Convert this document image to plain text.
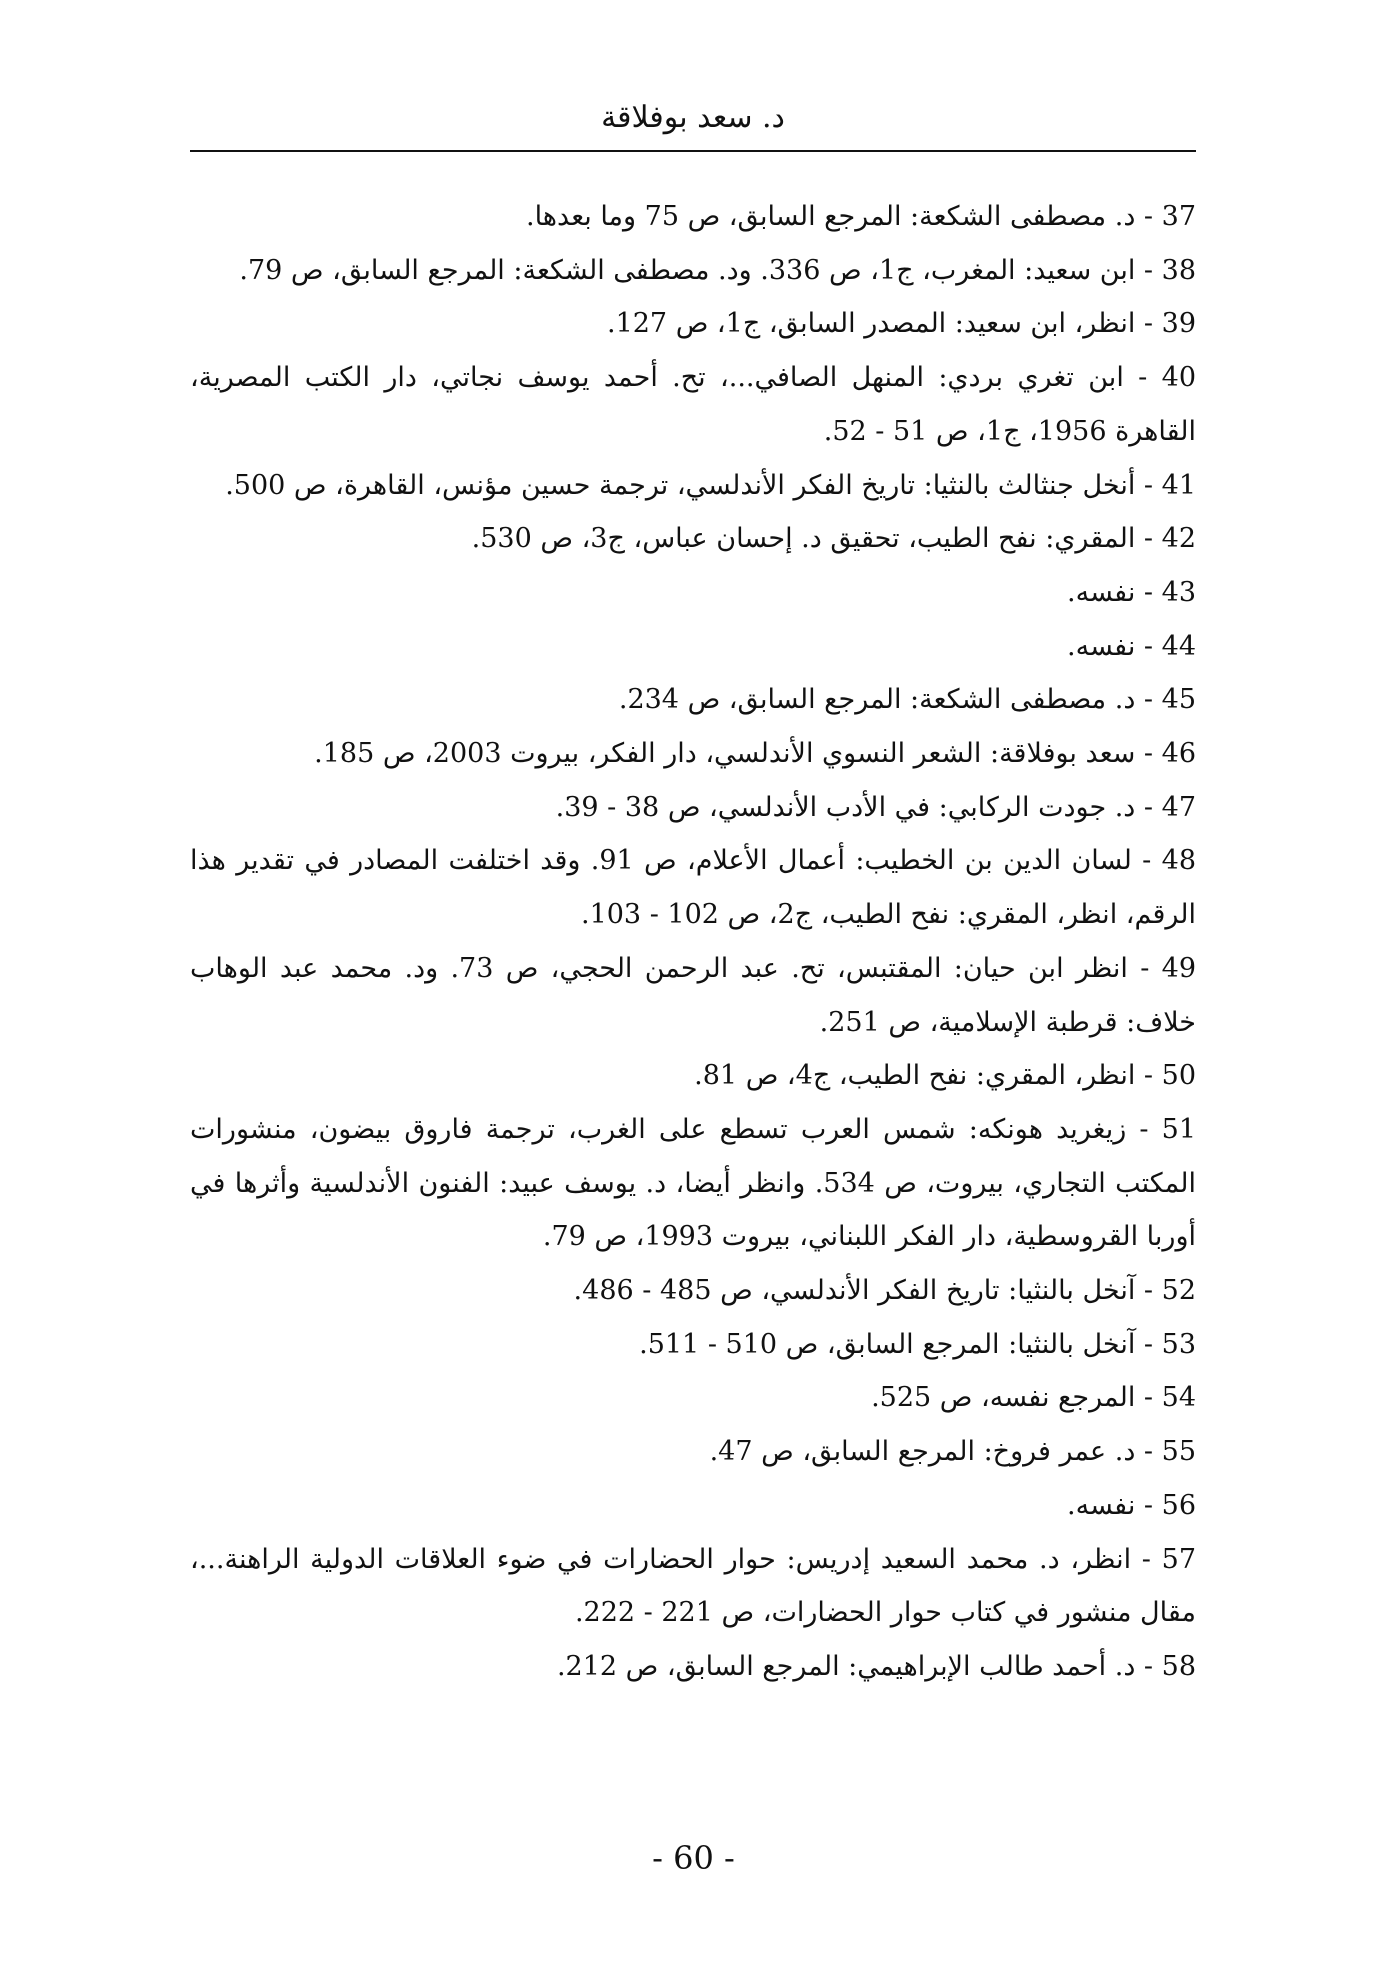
د. سعد بوفلاقة

37 - د. مصطفى الشكعة: المرجع السابق، ص 75 وما بعدها.

38 - ابن سعيد: المغرب، ج1، ص 336. ود. مصطفى الشكعة: المرجع السابق، ص 79.

39 - انظر، ابن سعيد: المصدر السابق، ج1، ص 127.

40 - ابن تغري بردي: المنهل الصافي...، تح. أحمد يوسف نجاتي، دار الكتب المصرية، القاهرة 1956، ج1، ص 51 - 52.

41 - أنخل جنثالث بالنثيا: تاريخ الفكر الأندلسي، ترجمة حسين مؤنس، القاهرة، ص 500.

42 - المقري: نفح الطيب، تحقيق د. إحسان عباس، ج3، ص 530.

43 - نفسه.

44 - نفسه.

45 - د. مصطفى الشكعة: المرجع السابق، ص 234.

46 - سعد بوفلاقة: الشعر النسوي الأندلسي، دار الفكر، بيروت 2003، ص 185.

47 - د. جودت الركابي: في الأدب الأندلسي، ص 38 - 39.

48 - لسان الدين بن الخطيب: أعمال الأعلام، ص 91. وقد اختلفت المصادر في تقدير هذا الرقم، انظر، المقري: نفح الطيب، ج2، ص 102 - 103.

49 - انظر ابن حيان: المقتبس، تح. عبد الرحمن الحجي، ص 73. ود. محمد عبد الوهاب خلاف: قرطبة الإسلامية، ص 251.

50 - انظر، المقري: نفح الطيب، ج4، ص 81.

51 - زيغريد هونكه: شمس العرب تسطع على الغرب، ترجمة فاروق بيضون، منشورات المكتب التجاري، بيروت، ص 534. وانظر أيضا، د. يوسف عبيد: الفنون الأندلسية وأثرها في أوربا القروسطية، دار الفكر اللبناني، بيروت 1993، ص 79.

52 - آنخل بالنثيا: تاريخ الفكر الأندلسي، ص 485 - 486.

53 - آنخل بالنثيا: المرجع السابق، ص 510 - 511.

54 - المرجع نفسه، ص 525.

55 - د. عمر فروخ: المرجع السابق، ص 47.

56 - نفسه.

57 - انظر، د. محمد السعيد إدريس: حوار الحضارات في ضوء العلاقات الدولية الراهنة...، مقال منشور في كتاب حوار الحضارات، ص 221 - 222.

58 - د. أحمد طالب الإبراهيمي: المرجع السابق، ص 212.

- 60 -
